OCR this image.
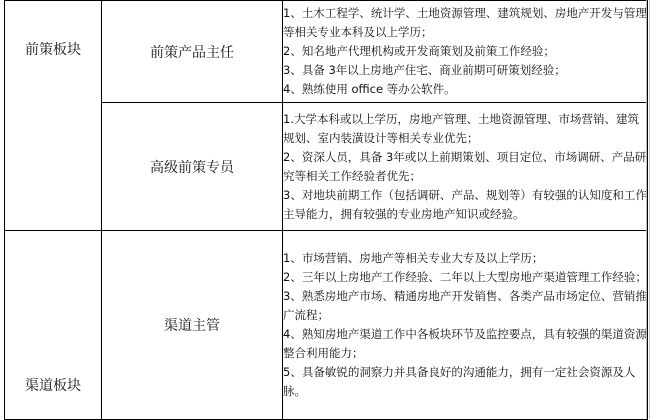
前策板块	前策产品主任	1、土木工程学、统计学、土地资源管理、建筑规划、房地产开发与管理等相关专业本科及以上学历；
2、知名地产代理机构或开发商策划及前策工作经验；
3、具备 3年以上房地产住宅、商业前期可研策划经验；
4、熟练使用 office 等办公软件。

	高级前策专员	1.大学本科或以上学历，房地产管理、土地资源管理、市场营销、建筑规划、室内装潢设计等相关专业优先；
2、资深人员，具备 3年或以上前期策划、项目定位、市场调研、产品研究等相关工作经验者优先；
3、对地块前期工作（包括调研、产品、规划等）有较强的认知度和工作主导能力，拥有较强的专业房地产知识或经验。

渠道板块	渠道主管	1、市场营销、房地产等相关专业大专及以上学历；
2、三年以上房地产工作经验、二年以上大型房地产渠道管理工作经验；
3、熟悉房地产市场、精通房地产开发销售、各类产品市场定位、营销推广流程；
4、熟知房地产渠道工作中各板块环节及监控要点，具有较强的渠道资源整合利用能力；
5、具备敏锐的洞察力并具备良好的沟通能力，拥有一定社会资源及人脉。
